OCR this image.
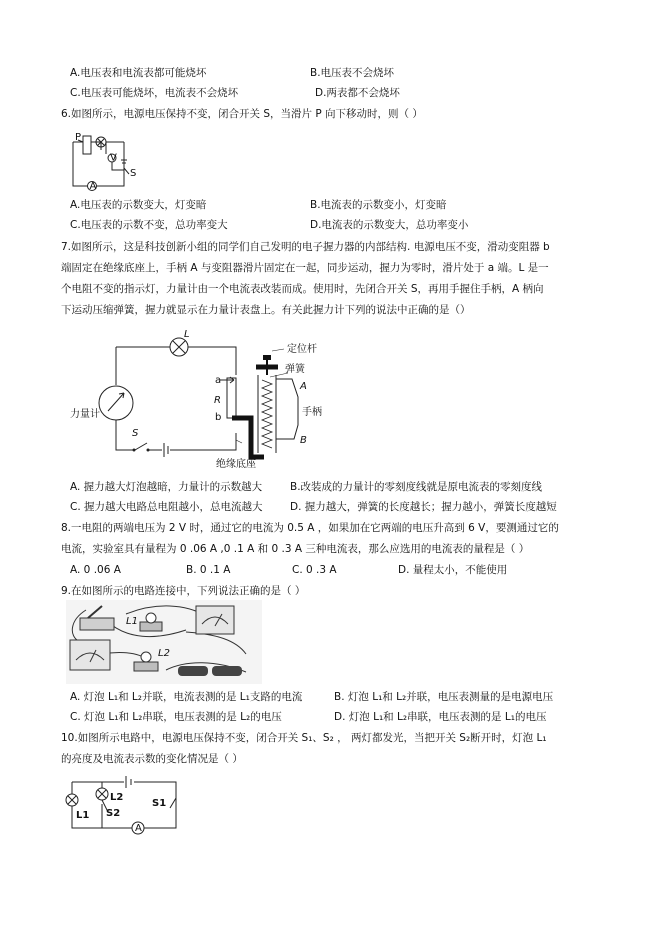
A.电压表和电流表都可能烧坏	B.电压表不会烧坏
C.电压表可能烧坏，电流表不会烧坏	D.两表都不会烧坏
6.如图所示，电源电压保持不变，闭合开关 S，当滑片 P 向下移动时，则（ ）
P
S
A
V
A.电压表的示数变大，灯变暗	B.电流表的示数变小，灯变暗
C.电压表的示数不变，总功率变大	D.电流表的示数变大，总功率变小
7.如图所示，这是科技创新小组的同学们自己发明的电子握力器的内部结构. 电源电压不变，滑动变阻器 b
端固定在绝缘底座上，手柄 A 与变阻器滑片固定在一起，同步运动，握力为零时，滑片处于 a 端。L 是一
个电阻不变的指示灯，力量计由一个电流表改装而成。使用时，先闭合开关 S，再用手握住手柄，A 柄向
下运动压缩弹簧，握力就显示在力量计表盘上。有关此握力计下列的说法中正确的是（）
L
力量计
S
a
R
b
定位杆
弹簧
A
手柄
B
绝缘底座
A. 握力越大灯泡越暗，力量计的示数越大	B.改装成的力量计的零刻度线就是原电流表的零刻度线
C. 握力越大电路总电阻越小，总电流越大	D. 握力越大，弹簧的长度越长；握力越小，弹簧长度越短
8.一电阻的两端电压为 2 V 时，通过它的电流为 0.5 A ，如果加在它两端的电压升高到 6 V，要测通过它的
电流，实验室具有量程为 0 .06 A ,0 .1 A 和 0 .3 A 三种电流表，那么应选用的电流表的量程是（ ）
A. 0 .06 A	B. 0 .1 A	C. 0 .3 A	D. 量程太小，不能使用
9.在如图所示的电路连接中，下列说法正确的是（ ）
L1
L2
A. 灯泡 L₁和 L₂并联，电流表测的是 L₁支路的电流	B. 灯泡 L₁和 L₂并联，电压表测量的是电源电压
C. 灯泡 L₁和 L₂串联，电压表测的是 L₂的电压	D. 灯泡 L₁和 L₂串联，电压表测的是 L₁的电压
10.如图所示电路中，电源电压保持不变，闭合开关 S₁、S₂ ， 两灯都发光，当把开关 S₂断开时，灯泡 L₁
的亮度及电流表示数的变化情况是（ ）
L1
L2
S2
S1
A
